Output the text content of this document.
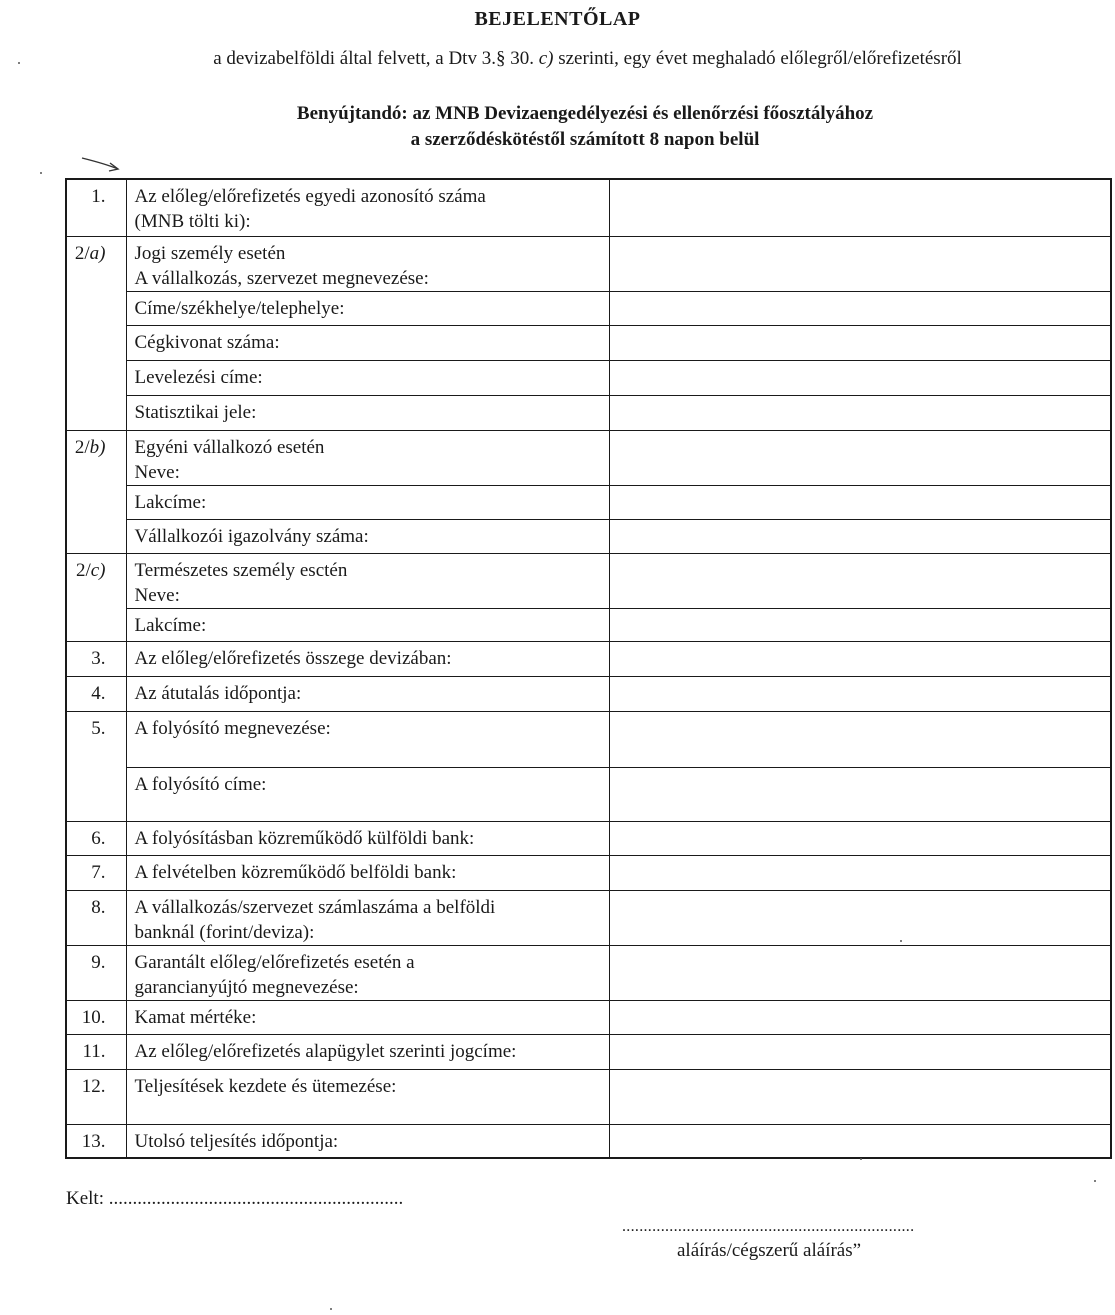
BEJELENTŐLAP
a devizabelföldi által felvett, a Dtv 3.§ 30. c) szerinti, egy évet meghaladó előlegről/előrefizetésről
Benyújtandó: az MNB Devizaengedélyezési és ellenőrzési főosztályához
a szerződéskötéstől számított 8 napon belül
1.	Az előleg/előrefizetés egyedi azonosító száma
(MNB tölti ki):	
2/a)	Jogi személy esetén
A vállalkozás, szervezet megnevezése:	
	Címe/székhelye/telephelye:	
	Cégkivonat száma:	
	Levelezési címe:	
	Statisztikai jele:	
2/b)	Egyéni vállalkozó esetén
Neve:	
	Lakcíme:	
	Vállalkozói igazolvány száma:	
2/c)	Természetes személy esctén
Neve:	
	Lakcíme:	
3.	Az előleg/előrefizetés összege devizában:	
4.	Az átutalás időpontja:	
5.	A folyósító megnevezése:	
	A folyósító címe:	
6.	A folyósításban közreműködő külföldi bank:	
7.	A felvételben közreműködő belföldi bank:	
8.	A vállalkozás/szervezet számlaszáma a belföldi
banknál (forint/deviza):	
9.	Garantált előleg/előrefizetés esetén a
garancianyújtó megnevezése:	
10.	Kamat mértéke:	
11.	Az előleg/előrefizetés alapügylet szerinti jogcíme:	
12.	Teljesítések kezdete és ütemezése:	
13.	Utolsó teljesítés időpontja:	
Kelt: ..............................................................
....................................................................
aláírás/cégszerű aláírás”
